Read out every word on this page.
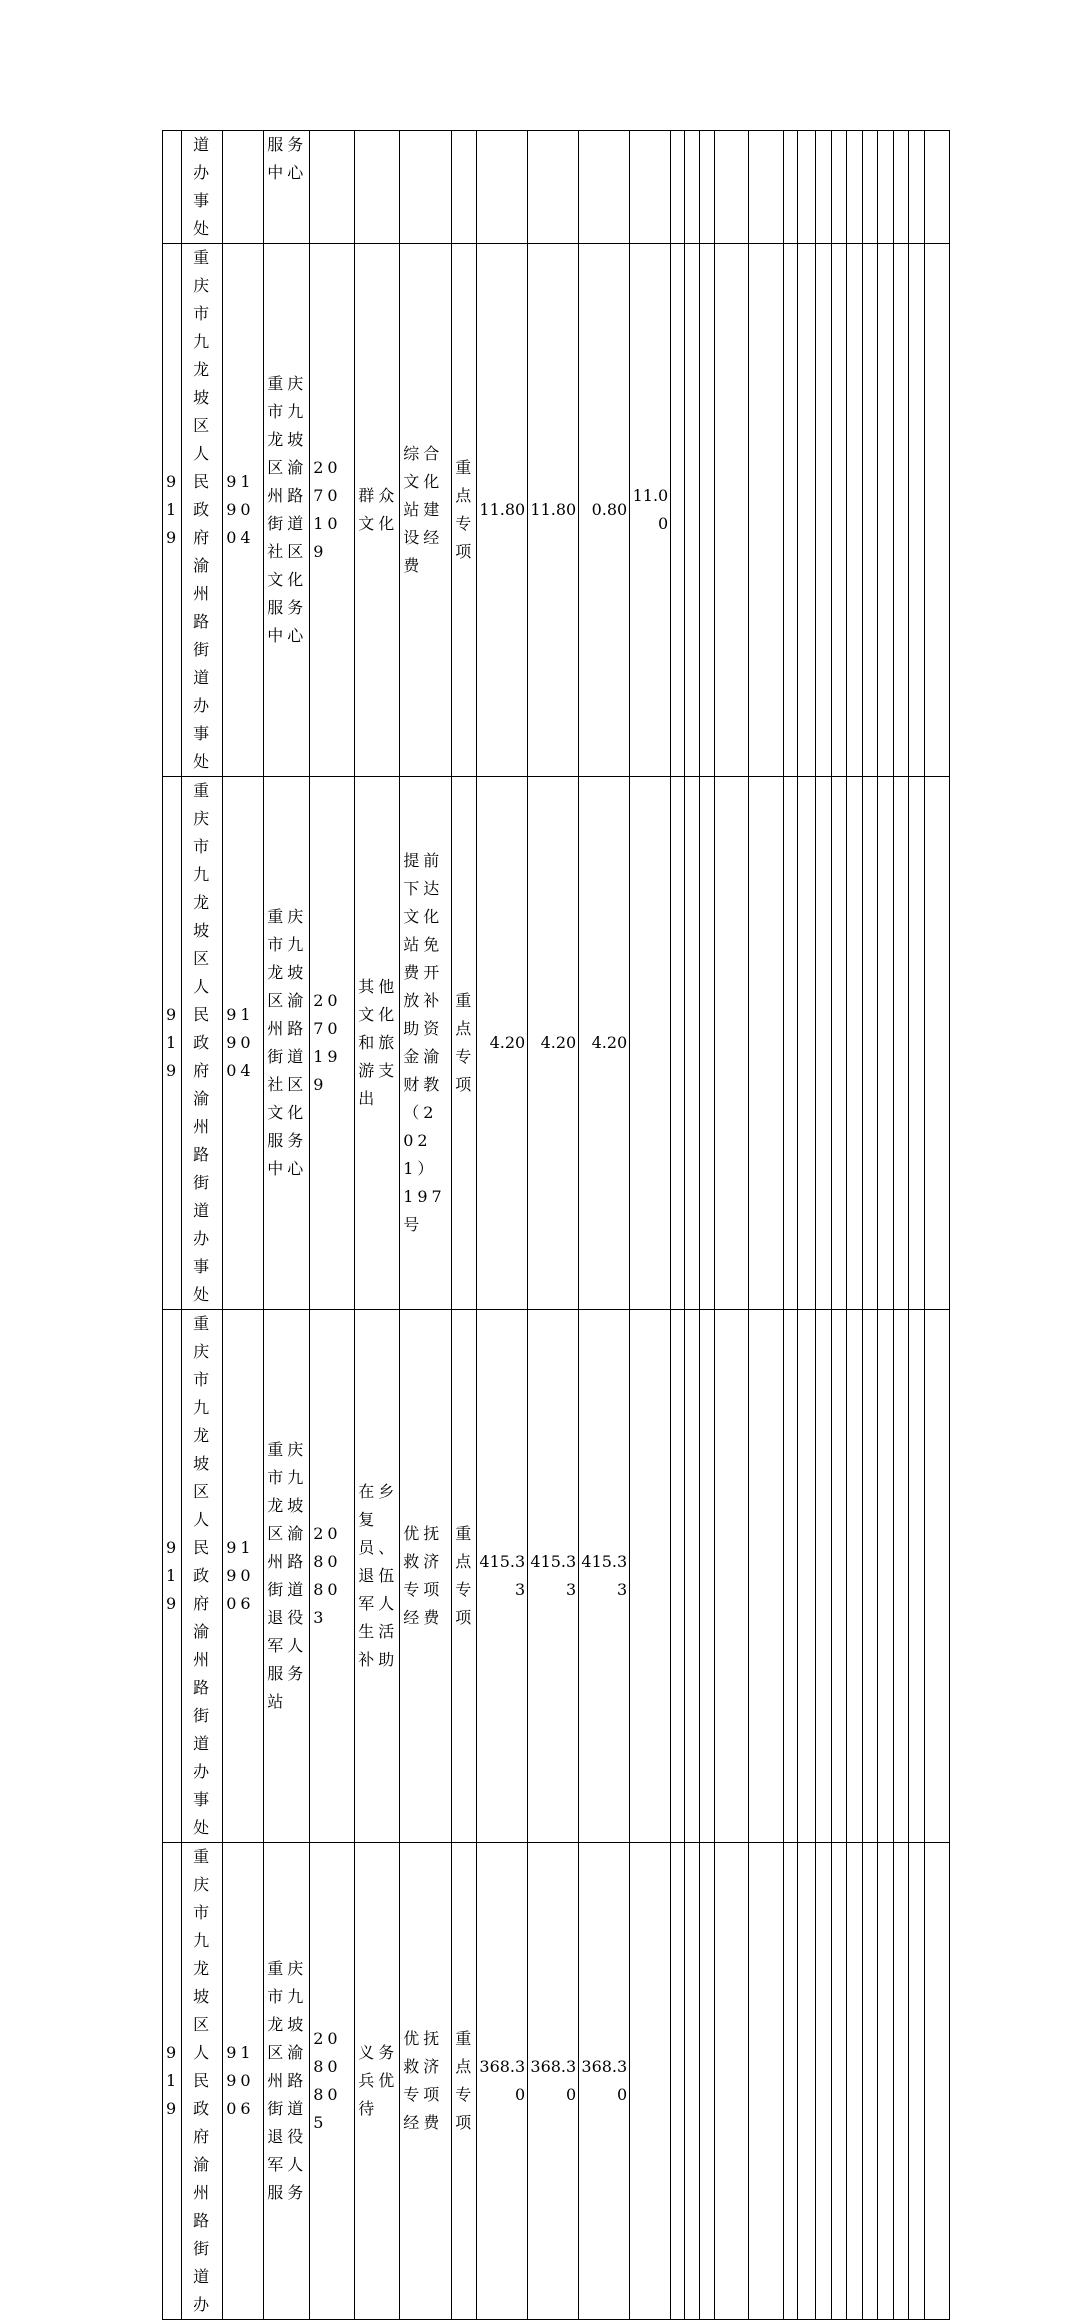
	道办事处		服务中心																							
919	重庆市九龙坡区人民政府渝州路街道办事处	919004	重庆市九龙坡区渝州路街道社区文化服务中心	2070109	群众文化	综合文化站建设经费	重点专项	11.80	11.80	0.80	11.00															
919	重庆市九龙坡区人民政府渝州路街道办事处	919004	重庆市九龙坡区渝州路街道社区文化服务中心	2070199	其他文化和旅游支出	提前下达文化站免费开放补助资金渝财教（2021）197号	重点专项	4.20	4.20	4.20																
919	重庆市九龙坡区人民政府渝州路街道办事处	919006	重庆市九龙坡区渝州路街道退役军人服务站	2080803	在乡复员、退伍军人生活补助	优抚救济专项经费	重点专项	415.33	415.33	415.33																
919	重庆市九龙坡区人民政府渝州路街道办	919006	重庆市九龙坡区渝州路街道退役军人服务	2080805	义务兵优待	优抚救济专项经费	重点专项	368.30	368.30	368.30																
